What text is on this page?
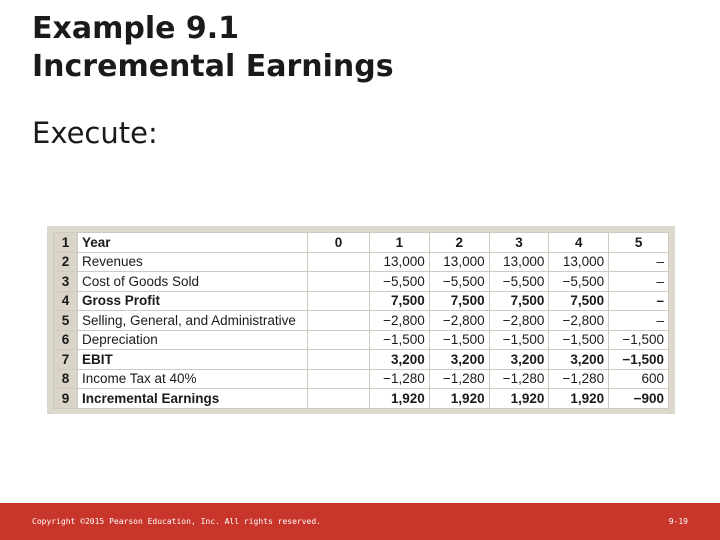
Example 9.1
Incremental Earnings
Execute:
1	Year	0	1	2	3	4	5
2	Revenues		13,000	13,000	13,000	13,000	–
3	Cost of Goods Sold		−5,500	−5,500	−5,500	−5,500	–
4	Gross Profit		7,500	7,500	7,500	7,500	–
5	Selling, General, and Administrative		−2,800	−2,800	−2,800	−2,800	–
6	Depreciation		−1,500	−1,500	−1,500	−1,500	−1,500
7	EBIT		3,200	3,200	3,200	3,200	−1,500
8	Income Tax at 40%		−1,280	−1,280	−1,280	−1,280	600
9	Incremental Earnings		1,920	1,920	1,920	1,920	−900
Copyright ©2015 Pearson Education, Inc. All rights reserved.	9-19
